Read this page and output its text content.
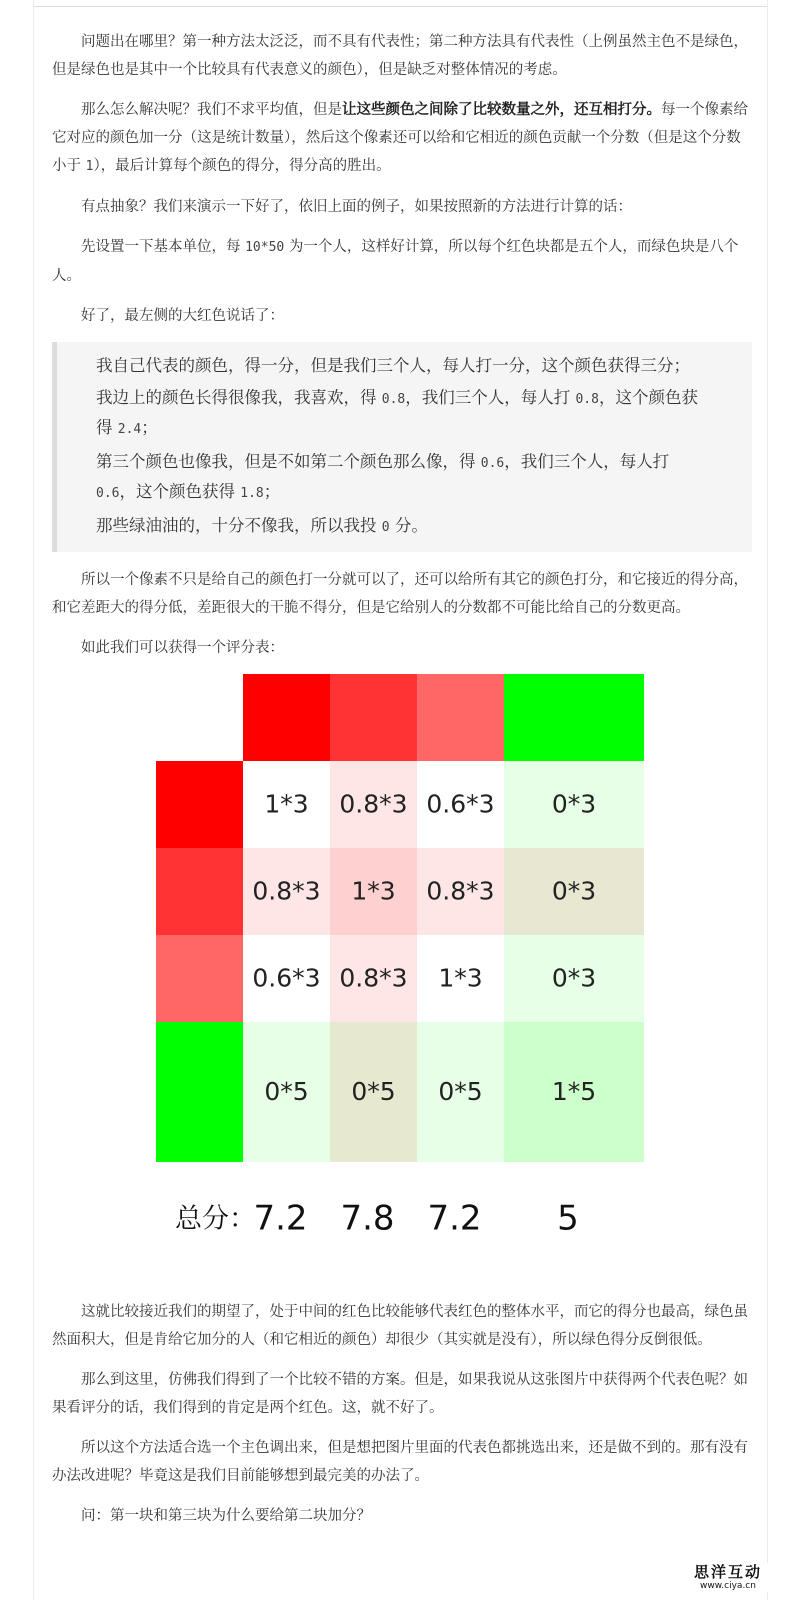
问题出在哪里？第一种方法太泛泛，而不具有代表性；第二种方法具有代表性（上例虽然主色不是绿色，但是绿色也是其中一个比较具有代表意义的颜色），但是缺乏对整体情况的考虑。

那么怎么解决呢？我们不求平均值，但是让这些颜色之间除了比较数量之外，还互相打分。每一个像素给它对应的颜色加一分（这是统计数量），然后这个像素还可以给和它相近的颜色贡献一个分数（但是这个分数小于 1），最后计算每个颜色的得分，得分高的胜出。

有点抽象？我们来演示一下好了，依旧上面的例子，如果按照新的方法进行计算的话：

先设置一下基本单位，每 10*50 为一个人，这样好计算，所以每个红色块都是五个人，而绿色块是八个人。

好了，最左侧的大红色说话了：

我自己代表的颜色，得一分，但是我们三个人，每人打一分，这个颜色获得三分；

我边上的颜色长得很像我，我喜欢，得 0.8，我们三个人，每人打 0.8，这个颜色获得 2.4；

第三个颜色也像我，但是不如第二个颜色那么像，得 0.6，我们三个人，每人打 0.6，这个颜色获得 1.8；

那些绿油油的，十分不像我，所以我投 0 分。

所以一个像素不只是给自己的颜色打一分就可以了，还可以给所有其它的颜色打分，和它接近的得分高，和它差距大的得分低，差距很大的干脆不得分，但是它给别人的分数都不可能比给自己的分数更高。

如此我们可以获得一个评分表：

1*3 0.8*3 0.6*3 0*3
0.8*3 1*3 0.8*3 0*3
0.6*3 0.8*3 1*3	0*3
0*5 0*5 0*5	1*5
总分：
7.2 7.8 7.2 5

这就比较接近我们的期望了，处于中间的红色比较能够代表红色的整体水平，而它的得分也最高，绿色虽然面积大，但是肯给它加分的人（和它相近的颜色）却很少（其实就是没有），所以绿色得分反倒很低。

那么到这里，仿佛我们得到了一个比较不错的方案。但是，如果我说从这张图片中获得两个代表色呢？如果看评分的话，我们得到的肯定是两个红色。这，就不好了。

所以这个方法适合选一个主色调出来，但是想把图片里面的代表色都挑选出来，还是做不到的。那有没有办法改进呢？毕竟这是我们目前能够想到最完美的办法了。

问：第一块和第三块为什么要给第二块加分？

思洋互动
www.ciya.cn
